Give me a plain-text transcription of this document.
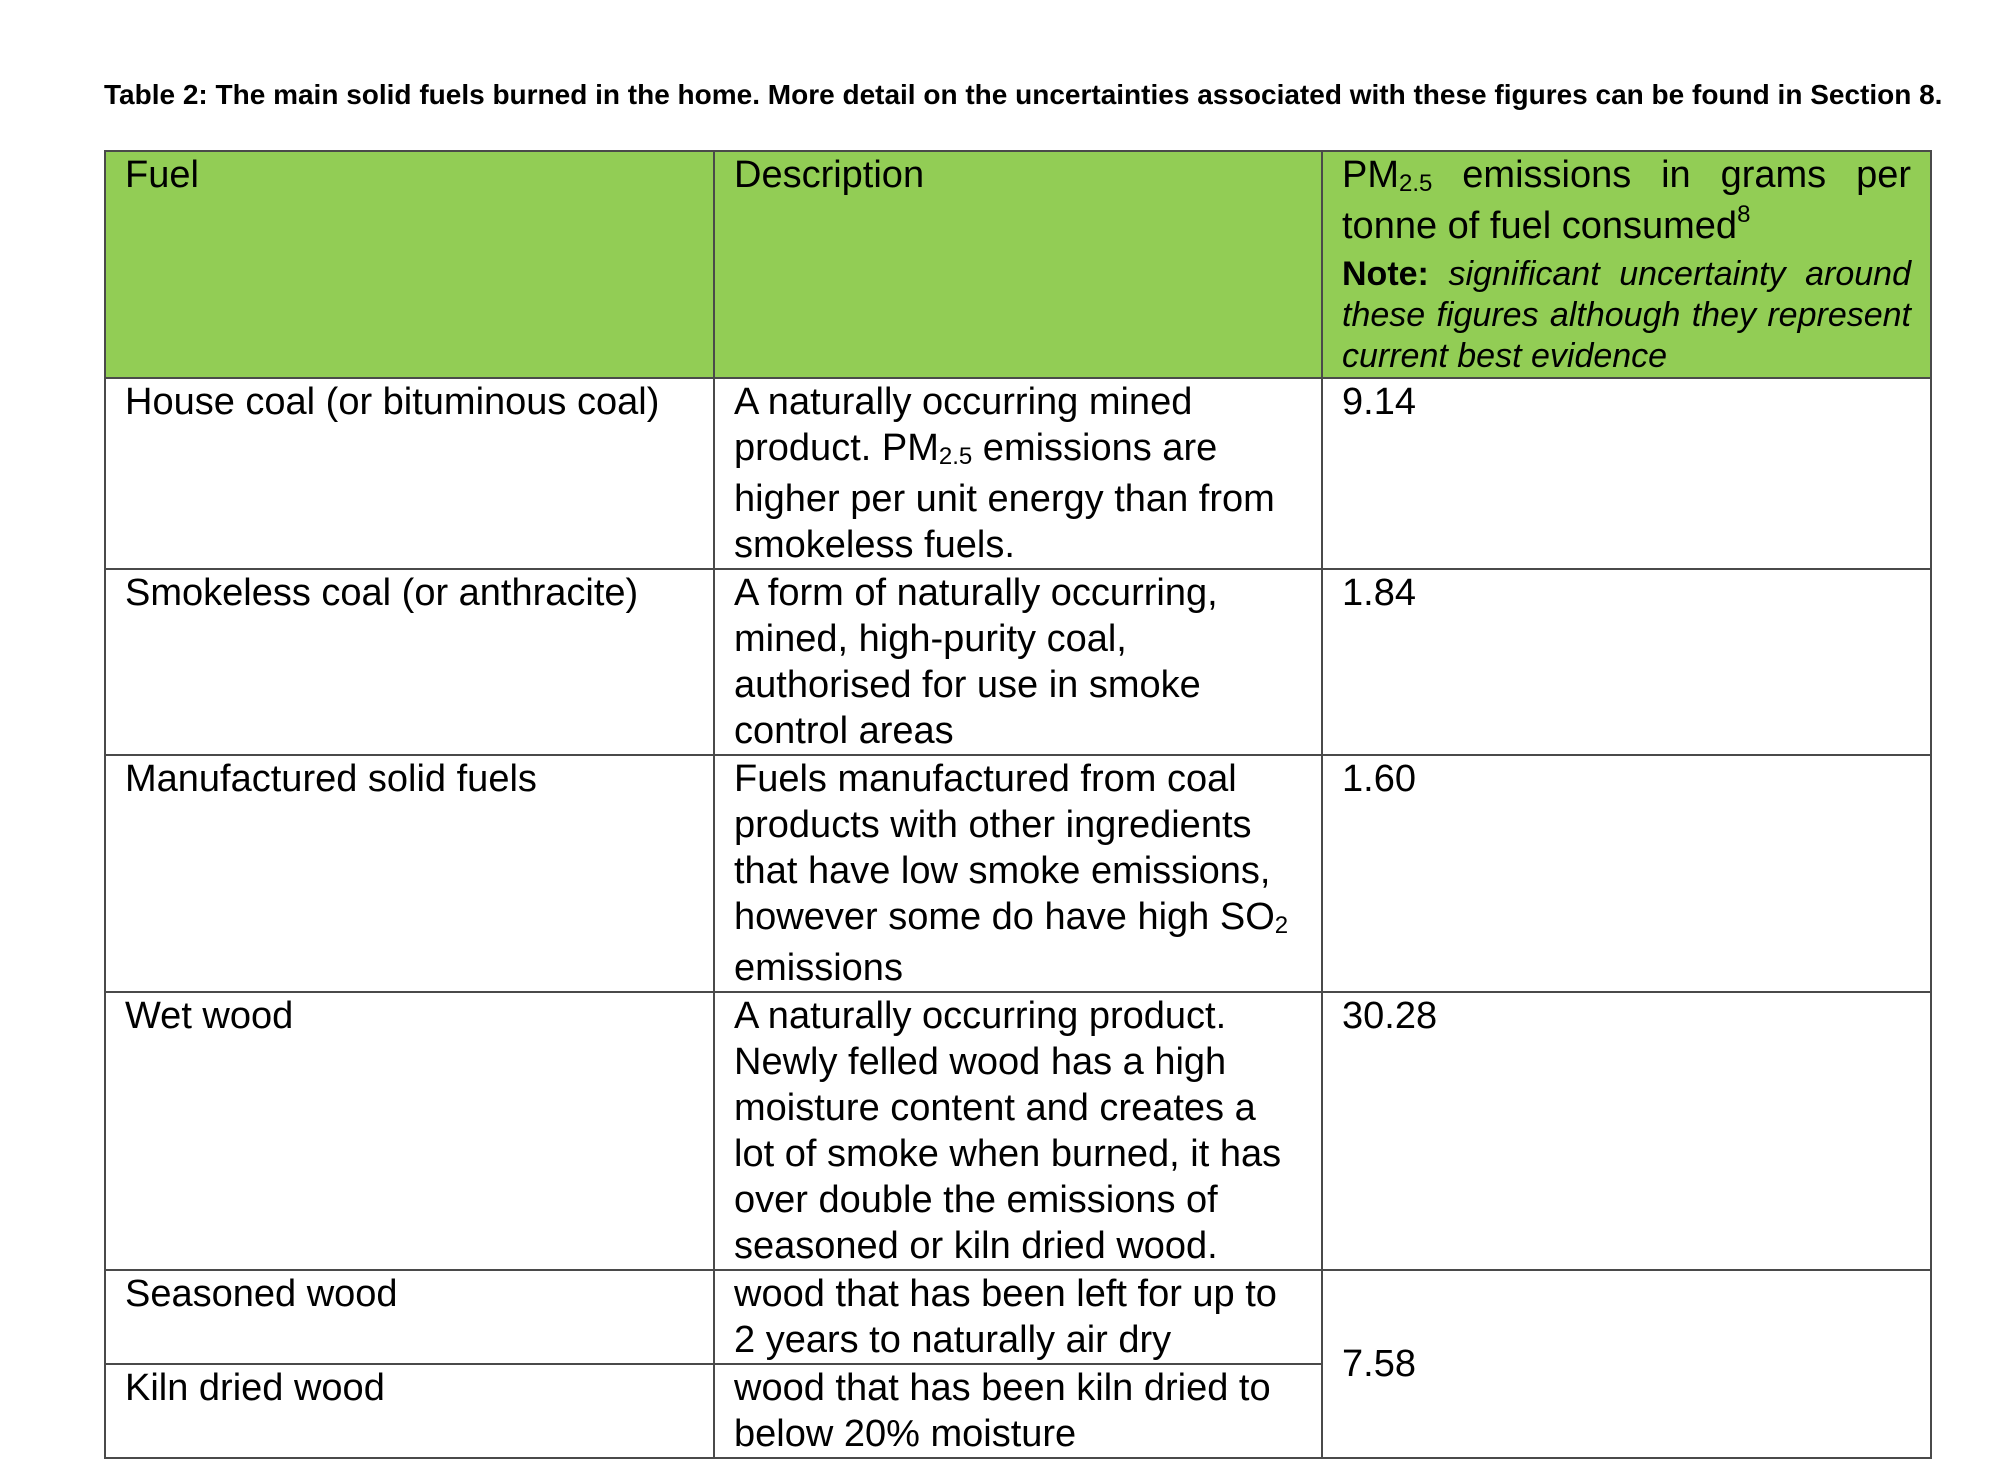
Table 2: The main solid fuels burned in the home. More detail on the uncertainties associated with these figures can be found in Section 8.
Fuel	Description	$PM_{2.5}$ emissions in grams per tonne of fuel consumed$^8$
Note: significant uncertainty around these figures although they represent current best evidence

House coal (or bituminous coal)	A naturally occurring mined product. $PM_{2.5}$ emissions are higher per unit energy than from smokeless fuels.	9.14
Smokeless coal (or anthracite)	A form of naturally occurring, mined, high-purity coal, authorised for use in smoke control areas	1.84
Manufactured solid fuels	Fuels manufactured from coal products with other ingredients that have low smoke emissions, however some do have high $SO_2$ emissions	1.60
Wet wood	A naturally occurring product. Newly felled wood has a high moisture content and creates a lot of smoke when burned, it has over double the emissions of seasoned or kiln dried wood.	30.28
Seasoned wood	wood that has been left for up to 2 years to naturally air dry	7.58
Kiln dried wood	wood that has been kiln dried to below 20% moisture	
